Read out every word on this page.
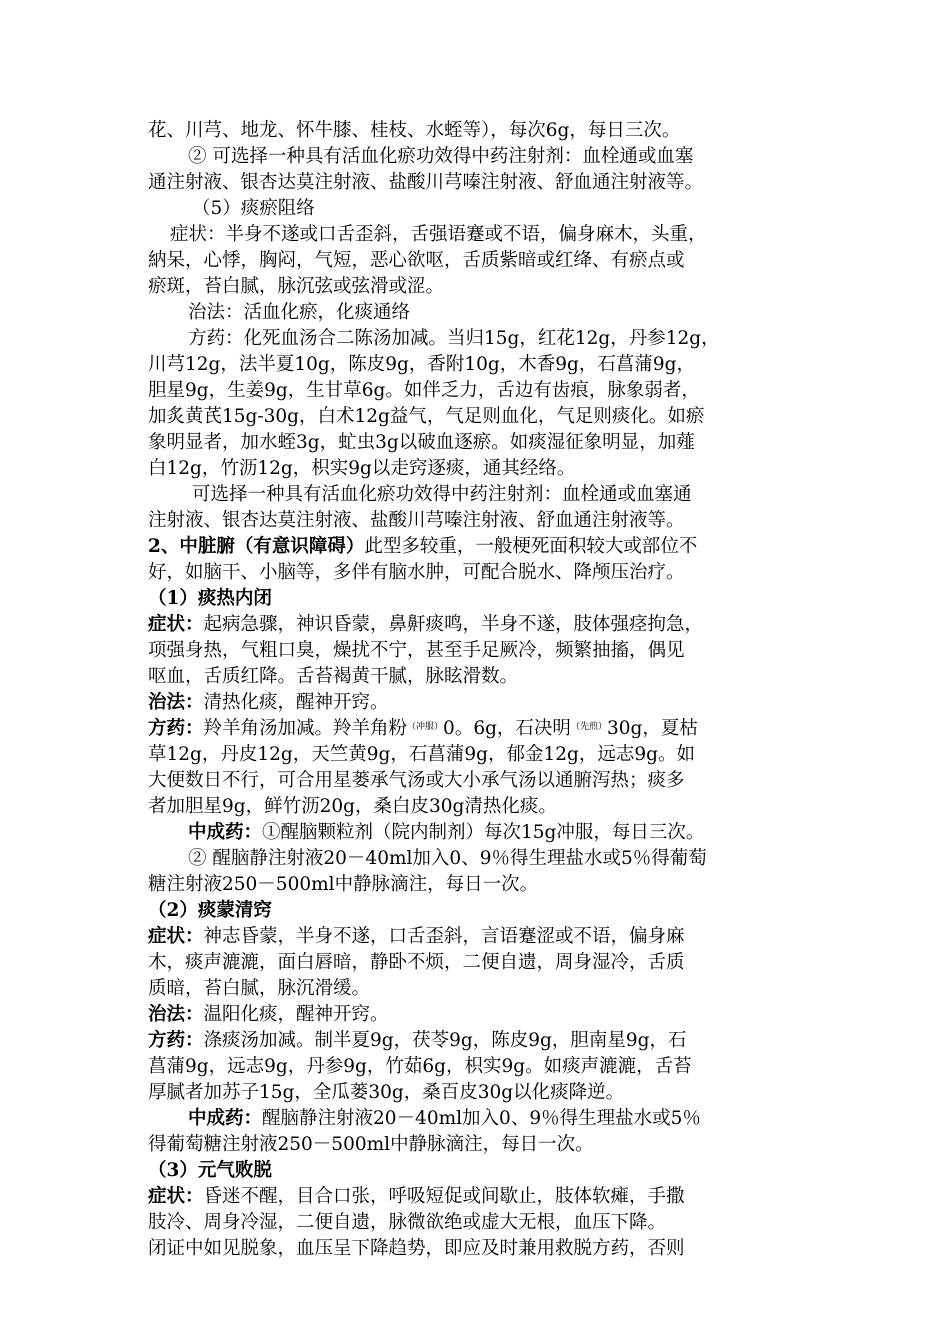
花、川芎、地龙、怀牛膝、桂枝、水蛭等），每次6g，每日三次。
② 可选择一种具有活血化瘀功效得中药注射剂：血栓通或血塞
通注射液、银杏达莫注射液、盐酸川芎嗪注射液、舒血通注射液等。
（5）痰瘀阻络
症状：半身不遂或口舌歪斜，舌强语蹇或不语，偏身麻木，头重，
納呆，心悸，胸闷，气短，恶心欲呕，舌质紫暗或红绛、有瘀点或
瘀斑，苔白腻，脉沉弦或弦滑或涩。
治法：活血化瘀，化痰通络
方药：化死血汤合二陈汤加减。当归15g，红花12g，丹参12g，
川芎12g，法半夏10g，陈皮9g，香附10g，木香9g，石菖蒲9g，
胆星9g，生姜9g，生甘草6g。如伴乏力，舌边有齿痕，脉象弱者，
加炙黄芪15g-30g，白术12g益气，气足则血化，气足则痰化。如瘀
象明显者，加水蛭3g，虻虫3g以破血逐瘀。如痰湿征象明显，加薤
白12g，竹沥12g，枳实9g以走窍逐痰，通其经络。
可选择一种具有活血化瘀功效得中药注射剂：血栓通或血塞通
注射液、银杏达莫注射液、盐酸川芎嗪注射液、舒血通注射液等。
2、中脏腑（有意识障碍）此型多较重，一般梗死面积较大或部位不
好，如脑干、小脑等，多伴有脑水肿，可配合脱水、降颅压治疗。
（1）痰热内闭
症状：起病急骤，神识昏蒙，鼻鼾痰鸣，半身不遂，肢体强痉拘急，
项强身热，气粗口臭，燥扰不宁，甚至手足厥冷，频繁抽搐，偶见
呕血，舌质红降。舌苔褐黄干腻，脉眩滑数。
治法：清热化痰，醒神开窍。
方药：羚羊角汤加减。羚羊角粉$^{(冲服)}$0。6g，石决明$^{(先煎)}$30g，夏枯
草12g，丹皮12g，天竺黄9g，石菖蒲9g，郁金12g，远志9g。如
大便数日不行，可合用星蒌承气汤或大小承气汤以通腑泻热；痰多
者加胆星9g，鲜竹沥20g，桑白皮30g清热化痰。
中成药：①醒脑颗粒剂（院内制剂）每次15g冲服，每日三次。
② 醒脑静注射液20－40ml加入0、9％得生理盐水或5％得葡萄
糖注射液250－500ml中静脉滴注，每日一次。
（2）痰蒙清窍
症状：神志昏蒙，半身不遂，口舌歪斜，言语蹇涩或不语，偏身麻
木，痰声漉漉，面白唇暗，静卧不烦，二便自遗，周身湿冷，舌质
质暗，苔白腻，脉沉滑缓。
治法：温阳化痰，醒神开窍。
方药：涤痰汤加减。制半夏9g，茯苓9g，陈皮9g，胆南星9g，石
菖蒲9g，远志9g，丹参9g，竹茹6g，枳实9g。如痰声漉漉，舌苔
厚腻者加苏子15g，全瓜蒌30g，桑百皮30g以化痰降逆。
中成药：醒脑静注射液20－40ml加入0、9％得生理盐水或5％
得葡萄糖注射液250－500ml中静脉滴注，每日一次。
（3）元气败脱
症状：昏迷不醒，目合口张，呼吸短促或间歇止，肢体软瘫，手撒
肢冷、周身冷湿，二便自遗，脉微欲绝或虚大无根，血压下降。
闭证中如见脱象，血压呈下降趋势，即应及时兼用救脱方药，否则
